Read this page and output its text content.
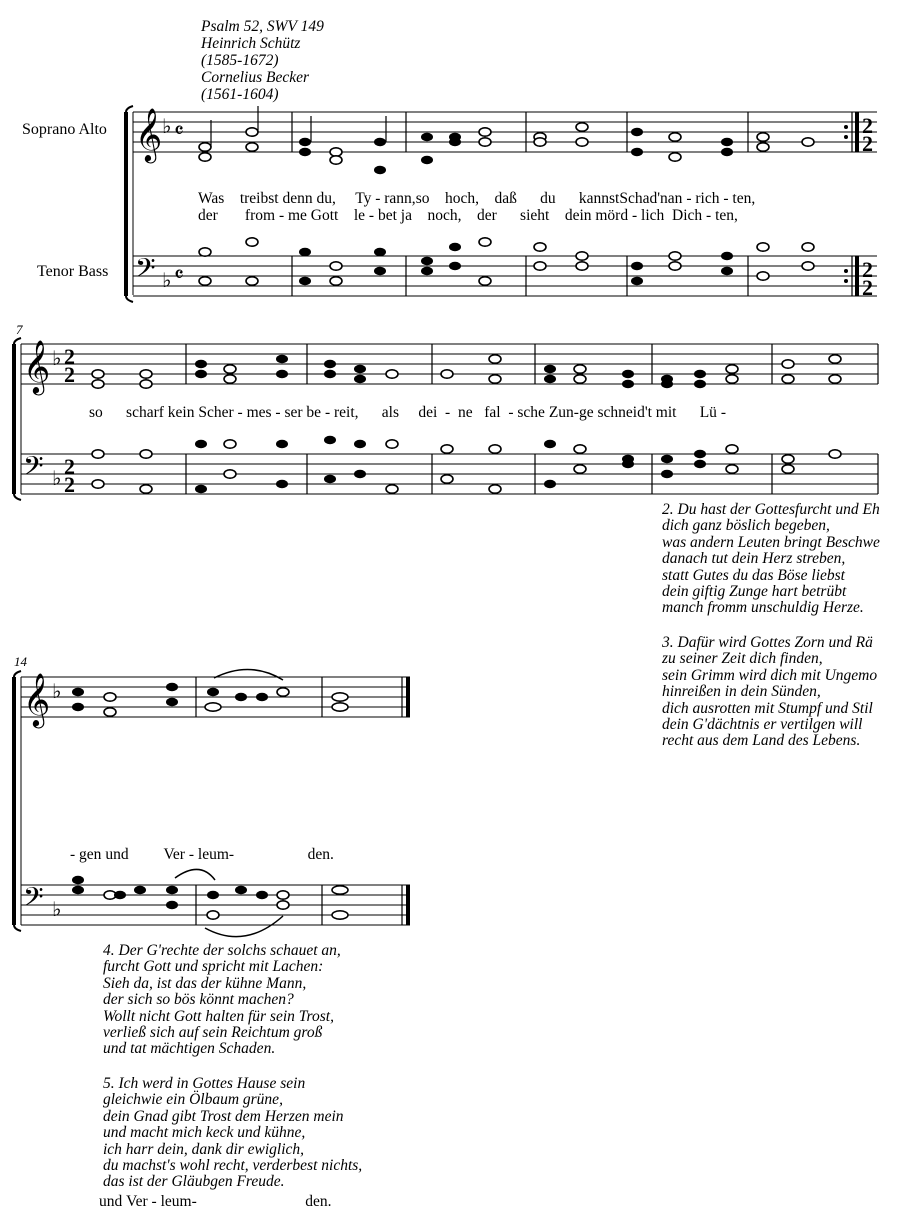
Psalm 52, SWV 149
Heinrich Schütz
(1585-1672)
Cornelius Becker
(1561-1604)
Soprano Alto
Tenor Bass
7
14
𝄞
𝄢
♭
♭
𝄴
𝄴
2
2
2
2
𝄞
𝄢
♭
♭
2
2
2
2
𝄞
𝄢
♭
♭
Was treibst denn du, Ty - rann,so hoch, daß du kannstSchad'nan - rich - ten,
der from - me Gott le - bet ja noch, der sieht dein mörd - lich Dich - ten,
so scharf kein Scher - mes - ser be - reit, als dei - ne fal - sche Zun-ge schneid't mit Lü -
- gen und Ver - leum-	den.
2. Du hast der Gottesfurcht und Eh
dich ganz böslich begeben,
was andern Leuten bringt Beschwe
danach tut dein Herz streben,
statt Gutes du das Böse liebst
dein giftig Zunge hart betrübt
manch fromm unschuldig Herze.
3. Dafür wird Gottes Zorn und Rä
zu seiner Zeit dich finden,
sein Grimm wird dich mit Ungemo
hinreißen in dein Sünden,
dich ausrotten mit Stumpf und Stil
dein G'dächtnis er vertilgen will
recht aus dem Land des Lebens.
4. Der G'rechte der solchs schauet an,
furcht Gott und spricht mit Lachen:
Sieh da, ist das der kühne Mann,
der sich so bös könnt machen?
Wollt nicht Gott halten für sein Trost,
verließ sich auf sein Reichtum groß
und tat mächtigen Schaden.
5. Ich werd in Gottes Hause sein
gleichwie ein Ölbaum grüne,
dein Gnad gibt Trost dem Herzen mein
und macht mich keck und kühne,
ich harr dein, dank dir ewiglich,
du machst's wohl recht, verderbest nichts,
das ist der Gläubgen Freude.
und Ver - leum-	den.
